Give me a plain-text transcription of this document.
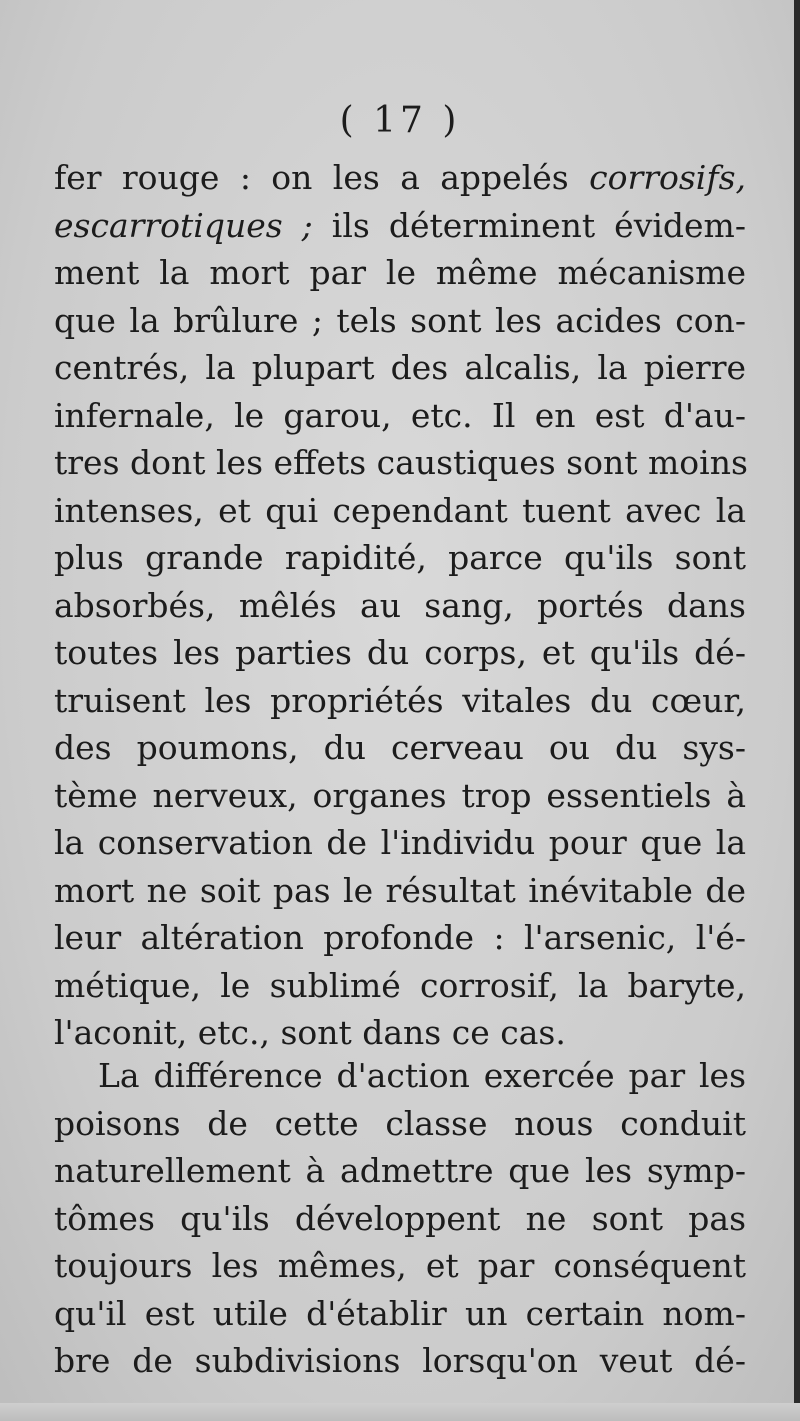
( 17 )
fer rouge : on les a appelés corrosifs,
escarrotiques ; ils déterminent évidem-
ment la mort par le même mécanisme
que la brûlure ; tels sont les acides con-
centrés, la plupart des alcalis, la pierre
infernale, le garou, etc. Il en est d'au-
tres dont les effets caustiques sont moins
intenses, et qui cependant tuent avec la
plus grande rapidité, parce qu'ils sont
absorbés, mêlés au sang, portés dans
toutes les parties du corps, et qu'ils dé-
truisent les propriétés vitales du cœur,
des poumons, du cerveau ou du sys-
tème nerveux, organes trop essentiels à
la conservation de l'individu pour que la
mort ne soit pas le résultat inévitable de
leur altération profonde : l'arsenic, l'é-
métique, le sublimé corrosif, la baryte,
l'aconit, etc., sont dans ce cas.
La différence d'action exercée par les
poisons de cette classe nous conduit
naturellement à admettre que les symp-
tômes qu'ils développent ne sont pas
toujours les mêmes, et par conséquent
qu'il est utile d'établir un certain nom-
bre de subdivisions lorsqu'on veut dé-
